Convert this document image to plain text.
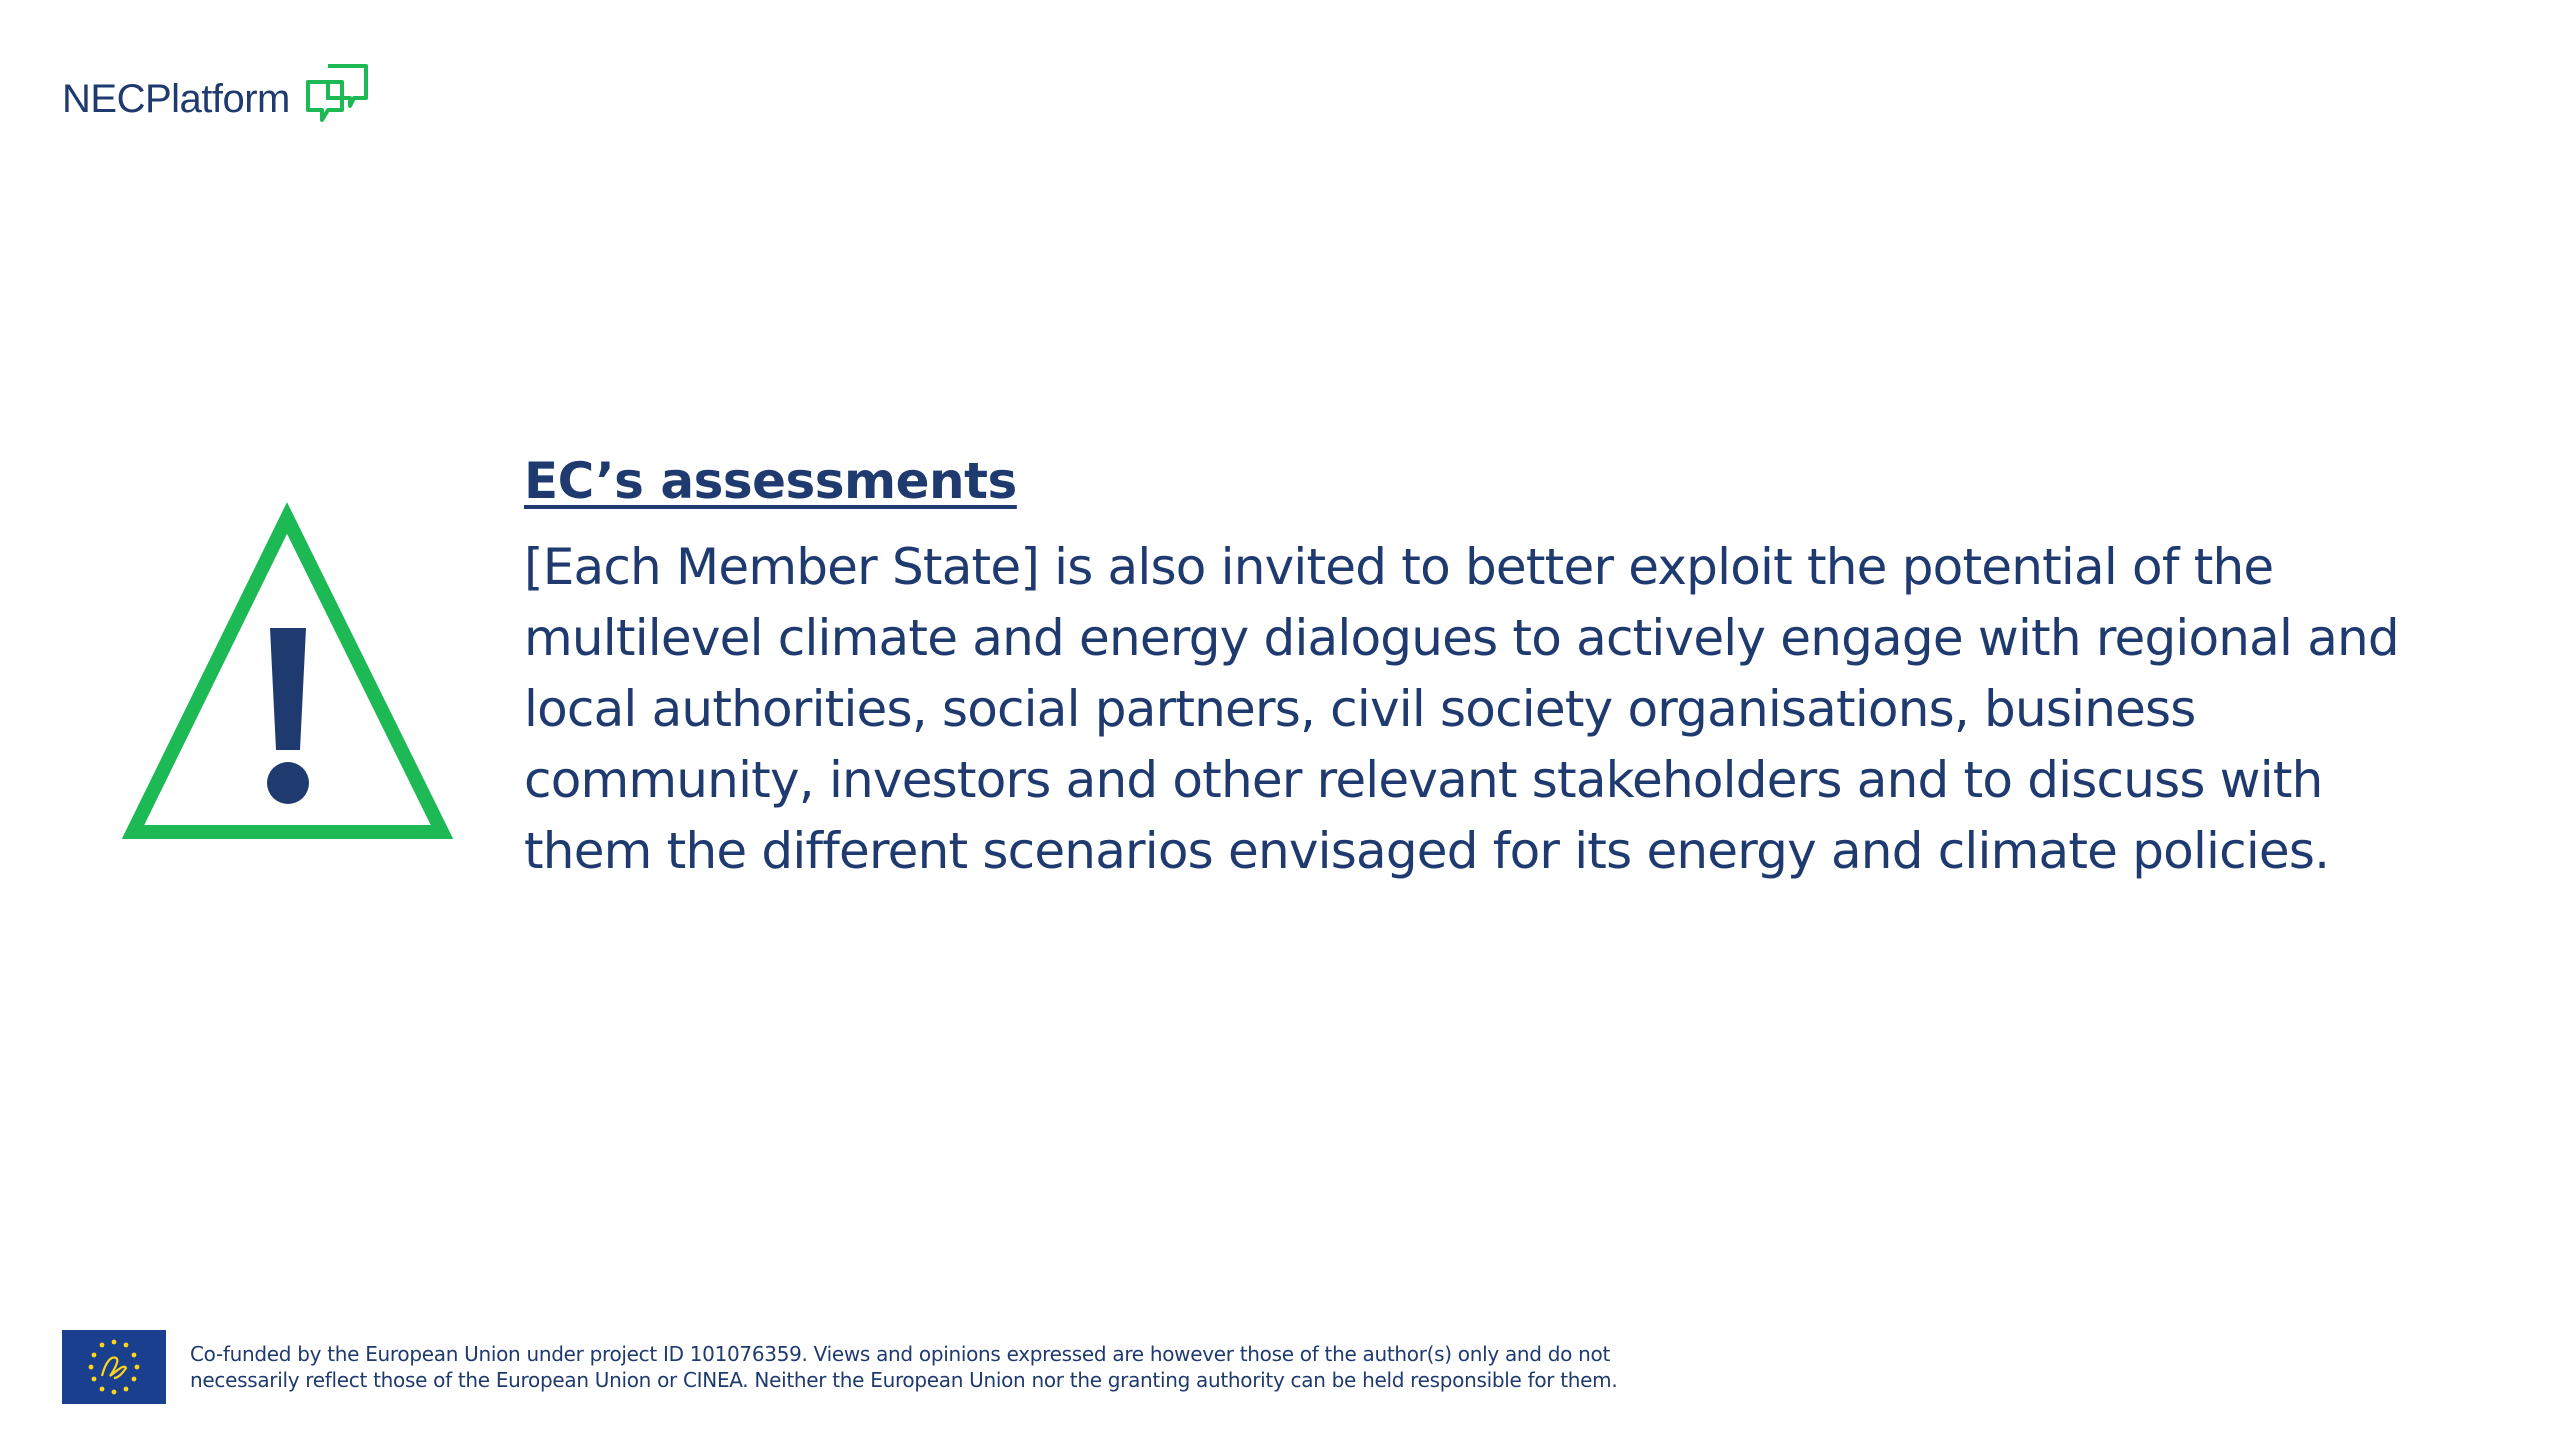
NECPlatform
EC’s assessments

[Each Member State] is also invited to better exploit the potential of the multilevel climate and energy dialogues to actively engage with regional and local authorities, social partners, civil society organisations, business community, investors and other relevant stakeholders and to discuss with them the different scenarios envisaged for its energy and climate policies.

Co-funded by the European Union under project ID 101076359. Views and opinions expressed are however those of the author(s) only and do not
necessarily reflect those of the European Union or CINEA. Neither the European Union nor the granting authority can be held responsible for them.
